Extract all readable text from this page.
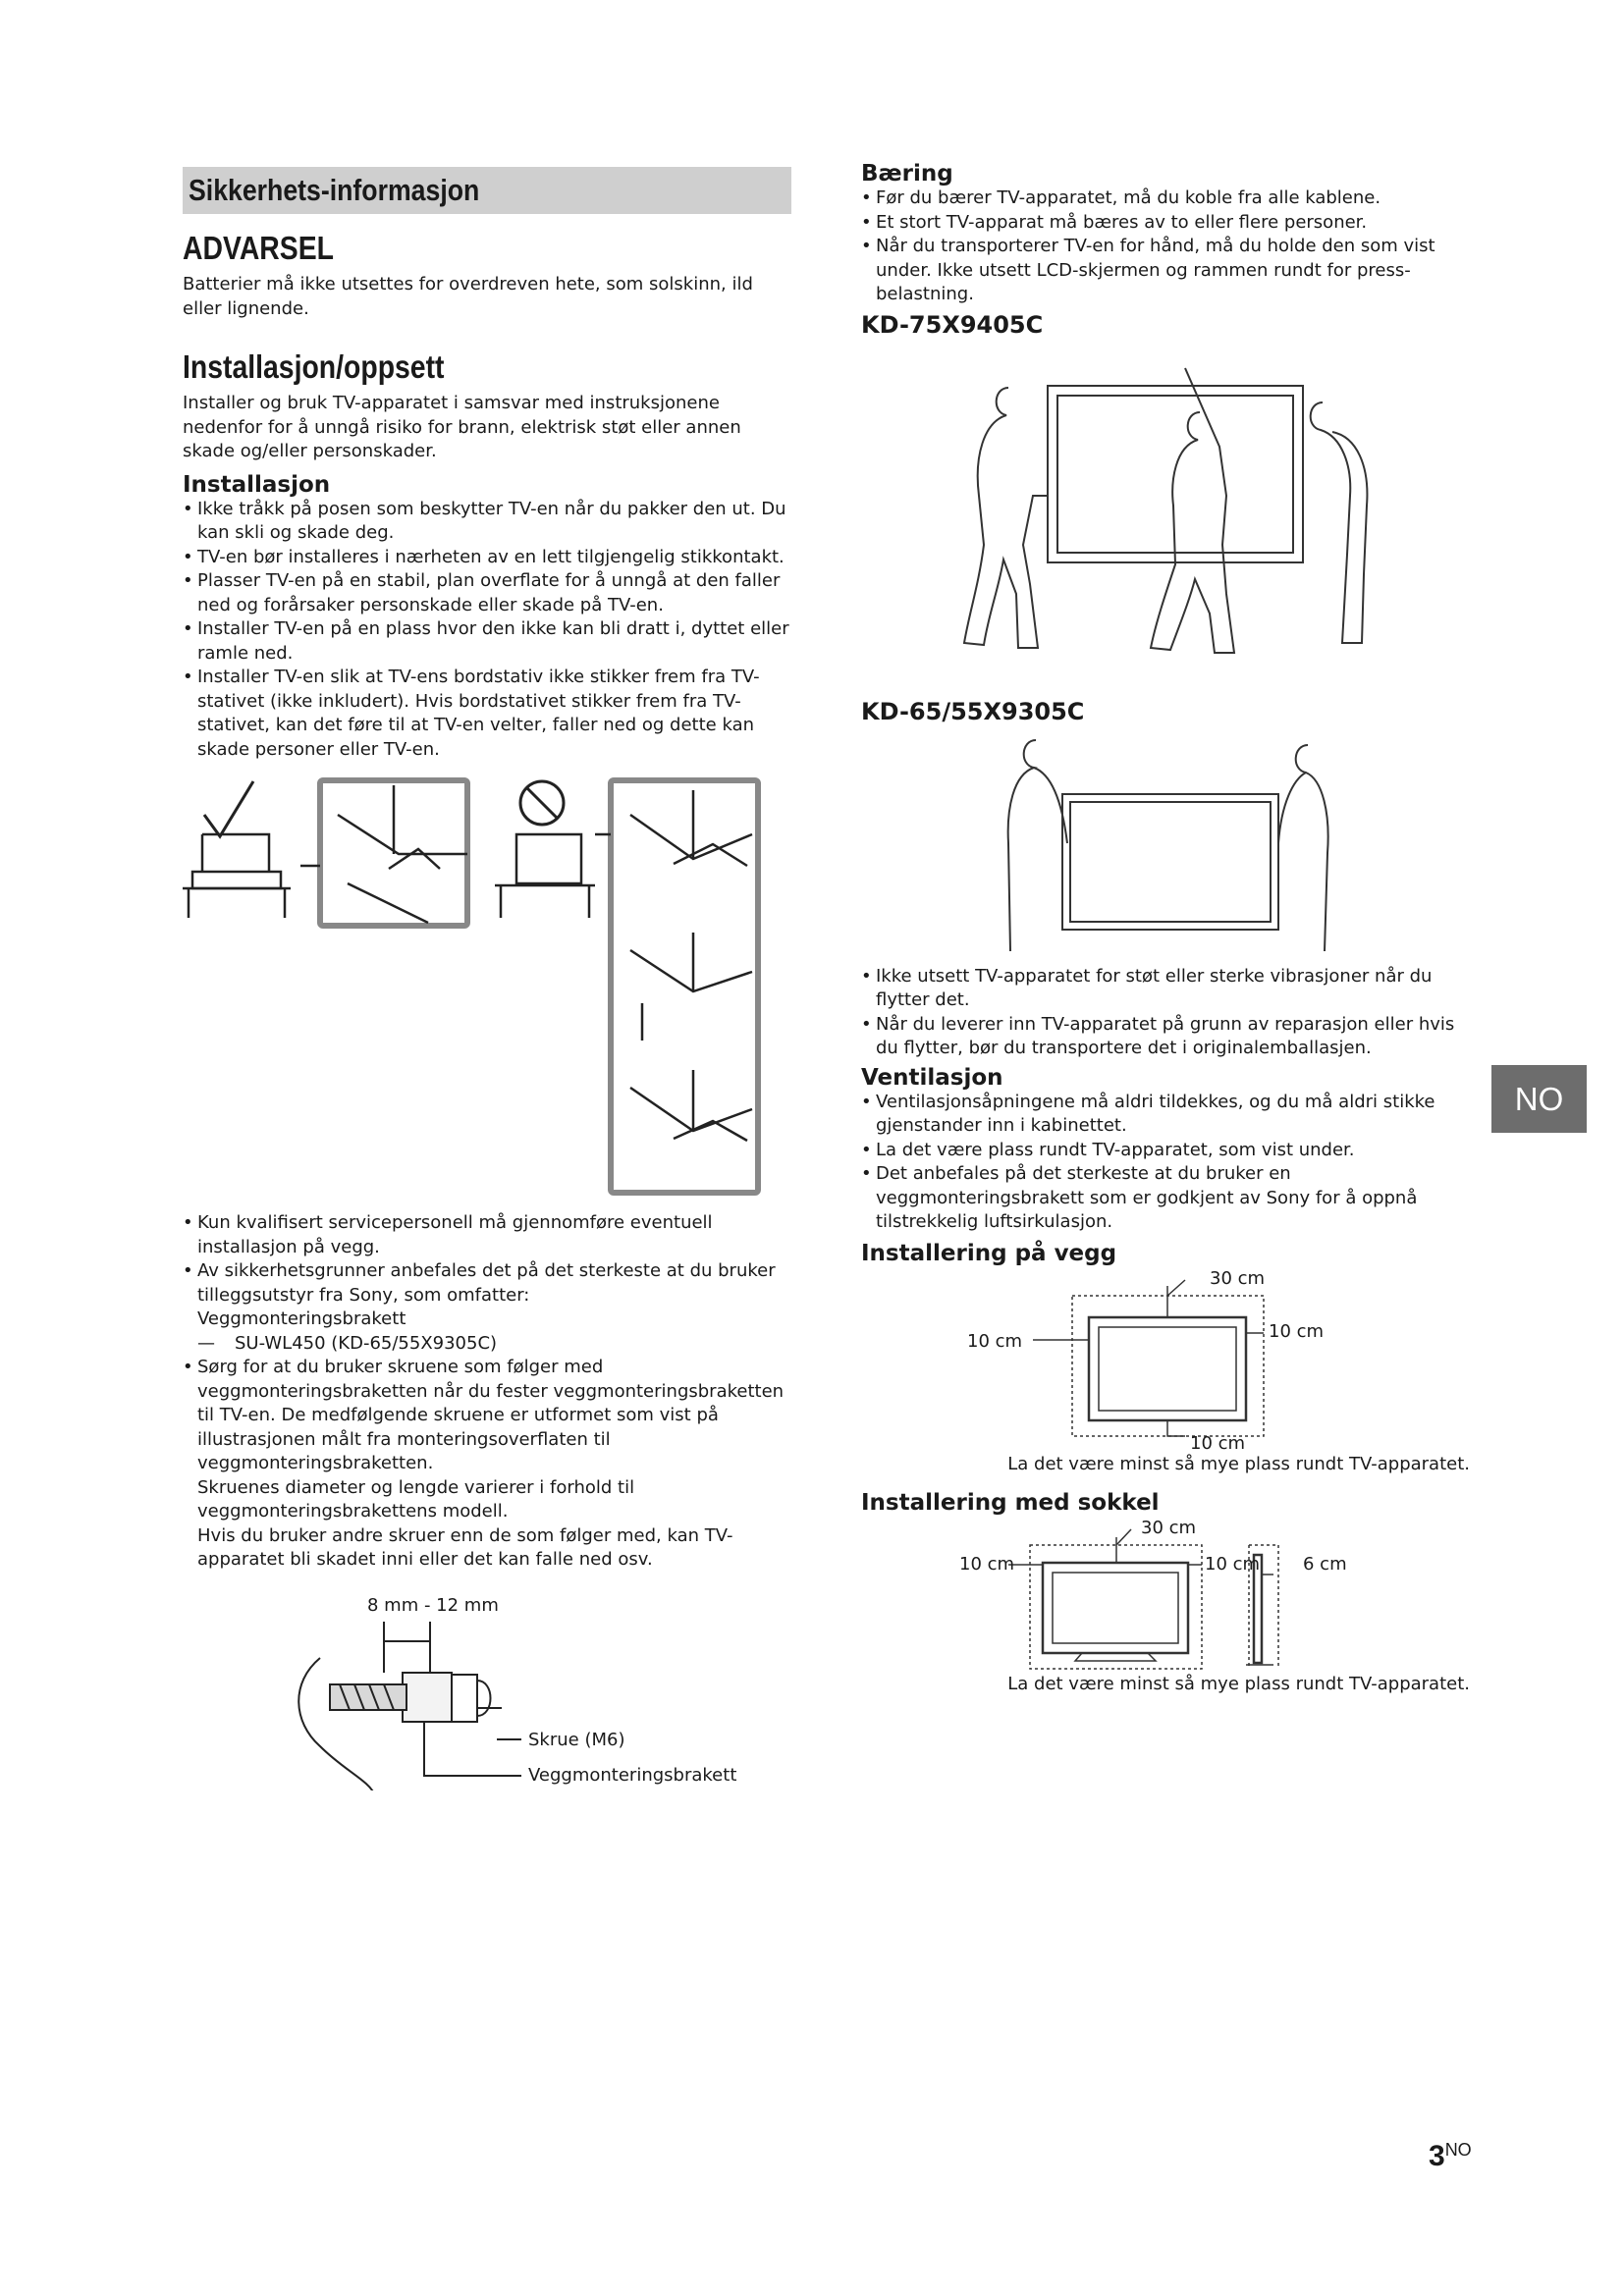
Sikkerhets-informasjon
ADVARSEL

Batterier må ikke utsettes for overdreven hete, som solskinn, ild eller lignende.

Installasjon/oppsett

Installer og bruk TV-apparatet i samsvar med instruksjonene nedenfor for å unngå risiko for brann, elektrisk støt eller annen skade og/eller personskader.

Installasjon
• Ikke tråkk på posen som beskytter TV-en når du pakker den ut. Du kan skli og skade deg.
• TV-en bør installeres i nærheten av en lett tilgjengelig stikkontakt.
• Plasser TV-en på en stabil, plan overflate for å unngå at den faller ned og forårsaker personskade eller skade på TV-en.
• Installer TV-en på en plass hvor den ikke kan bli dratt i, dyttet eller ramle ned.
• Installer TV-en slik at TV-ens bordstativ ikke stikker frem fra TV-stativet (ikke inkludert). Hvis bordstativet stikker frem fra TV-stativet, kan det føre til at TV-en velter, faller ned og dette kan skade personer eller TV-en.
• Kun kvalifisert servicepersonell må gjennomføre eventuell installasjon på vegg.
• Av sikkerhetsgrunner anbefales det på det sterkeste at du bruker tilleggsutstyr fra Sony, som omfatter:
Veggmonteringsbrakett
— SU-WL450 (KD-65/55X9305C)
• Sørg for at du bruker skruene som følger med veggmonteringsbraketten når du fester veggmonteringsbraketten til TV-en. De medfølgende skruene er utformet som vist på illustrasjonen målt fra monteringsoverflaten til veggmonteringsbraketten.
Skruenes diameter og lengde varierer i forhold til veggmonteringsbrakettens modell.
Hvis du bruker andre skruer enn de som følger med, kan TV-apparatet bli skadet inni eller det kan falle ned osv.
8 mm - 12 mm
Skrue (M6)
Veggmonteringsbrakett
Bæring
• Før du bærer TV-apparatet, må du koble fra alle kablene.
• Et stort TV-apparat må bæres av to eller flere personer.
• Når du transporterer TV-en for hånd, må du holde den som vist under. Ikke utsett LCD-skjermen og rammen rundt for press-belastning.
KD-75X9405C
KD-65/55X9305C
• Ikke utsett TV-apparatet for støt eller sterke vibrasjoner når du flytter det.
• Når du leverer inn TV-apparatet på grunn av reparasjon eller hvis du flytter, bør du transportere det i originalemballasjen.
Ventilasjon
• Ventilasjonsåpningene må aldri tildekkes, og du må aldri stikke gjenstander inn i kabinettet.
• La det være plass rundt TV-apparatet, som vist under.
• Det anbefales på det sterkeste at du bruker en veggmonteringsbrakett som er godkjent av Sony for å oppnå tilstrekkelig luftsirkulasjon.
Installering på vegg
30 cm
10 cm	10 cm
10 cm
La det være minst så mye plass rundt TV-apparatet.
Installering med sokkel
30 cm
10 cm	10 cm 6 cm
La det være minst så mye plass rundt TV-apparatet.
NO
3NO
